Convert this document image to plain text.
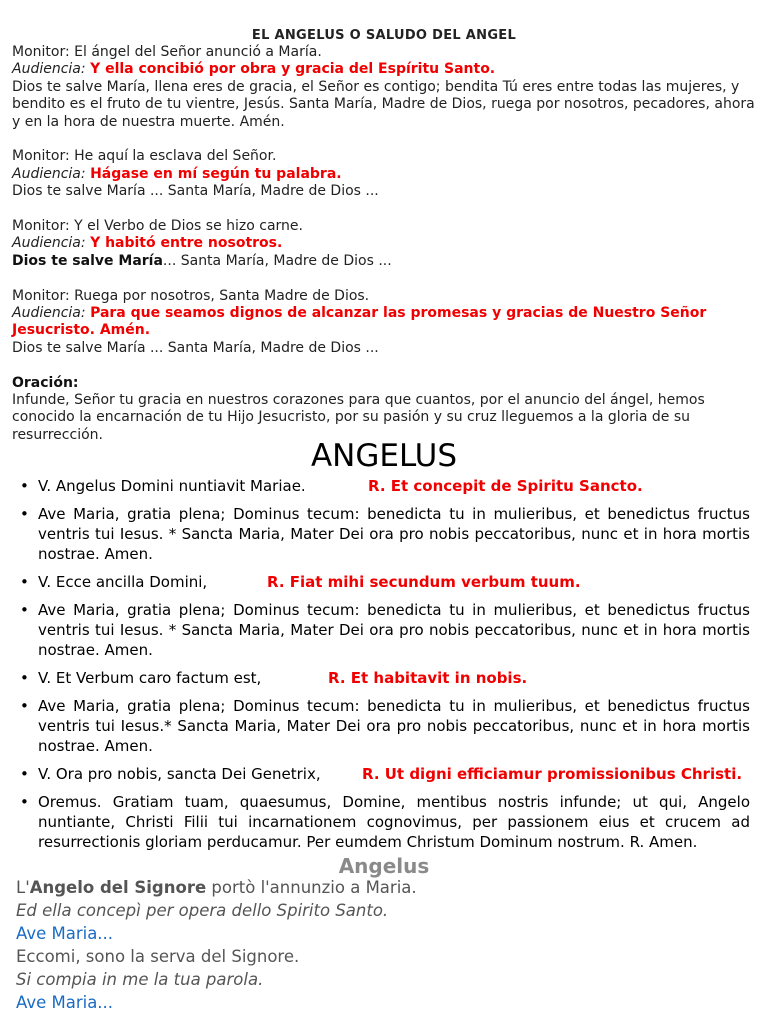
EL ANGELUS O SALUDO DEL ANGEL

Monitor: El ángel del Señor anunció a María.

Audiencia: Y ella concibió por obra y gracia del Espíritu Santo.

Dios te salve María, llena eres de gracia, el Señor es contigo; bendita Tú eres entre todas las mujeres, y bendito es el fruto de tu vientre, Jesús. Santa María, Madre de Dios, ruega por nosotros, pecadores, ahora y en la hora de nuestra muerte. Amén.

Monitor: He aquí la esclava del Señor.

Audiencia: Hágase en mí según tu palabra.

Dios te salve María ... Santa María, Madre de Dios ...

Monitor: Y el Verbo de Dios se hizo carne.

Audiencia: Y habitó entre nosotros.

Dios te salve María... Santa María, Madre de Dios ...

Monitor: Ruega por nosotros, Santa Madre de Dios.

Audiencia: Para que seamos dignos de alcanzar las promesas y gracias de Nuestro Señor Jesucristo. Amén.

Dios te salve María ... Santa María, Madre de Dios ...

Oración:

Infunde, Señor tu gracia en nuestros corazones para que cuantos, por el anuncio del ángel, hemos conocido la encarnación de tu Hijo Jesucristo, por su pasión y su cruz lleguemos a la gloria de su resurrección.

ANGELUS
• V. Angelus Domini nuntiavit Mariae.	R. Et concepit de Spiritu Sancto.
• Ave Maria, gratia plena; Dominus tecum: benedicta tu in mulieribus, et benedictus fructus ventris tui Iesus. * Sancta Maria, Mater Dei ora pro nobis peccatoribus, nunc et in hora mortis nostrae. Amen.
• V. Ecce ancilla Domini,	R. Fiat mihi secundum verbum tuum.
• Ave Maria, gratia plena; Dominus tecum: benedicta tu in mulieribus, et benedictus fructus ventris tui Iesus. * Sancta Maria, Mater Dei ora pro nobis peccatoribus, nunc et in hora mortis nostrae. Amen.
• V. Et Verbum caro factum est,	R. Et habitavit in nobis.
• Ave Maria, gratia plena; Dominus tecum: benedicta tu in mulieribus, et benedictus fructus ventris tui Iesus.* Sancta Maria, Mater Dei ora pro nobis peccatoribus, nunc et in hora mortis nostrae. Amen.
• V. Ora pro nobis, sancta Dei Genetrix,	R. Ut digni efficiamur promissionibus Christi.
• Oremus. Gratiam tuam, quaesumus, Domine, mentibus nostris infunde; ut qui, Angelo nuntiante, Christi Filii tui incarnationem cognovimus, per passionem eius et crucem ad resurrectionis gloriam perducamur. Per eumdem Christum Dominum nostrum. R. Amen.
Angelus

L'Angelo del Signore portò l'annunzio a Maria.

Ed ella concepì per opera dello Spirito Santo.

Ave Maria...

Eccomi, sono la serva del Signore.

Si compia in me la tua parola.

Ave Maria...
